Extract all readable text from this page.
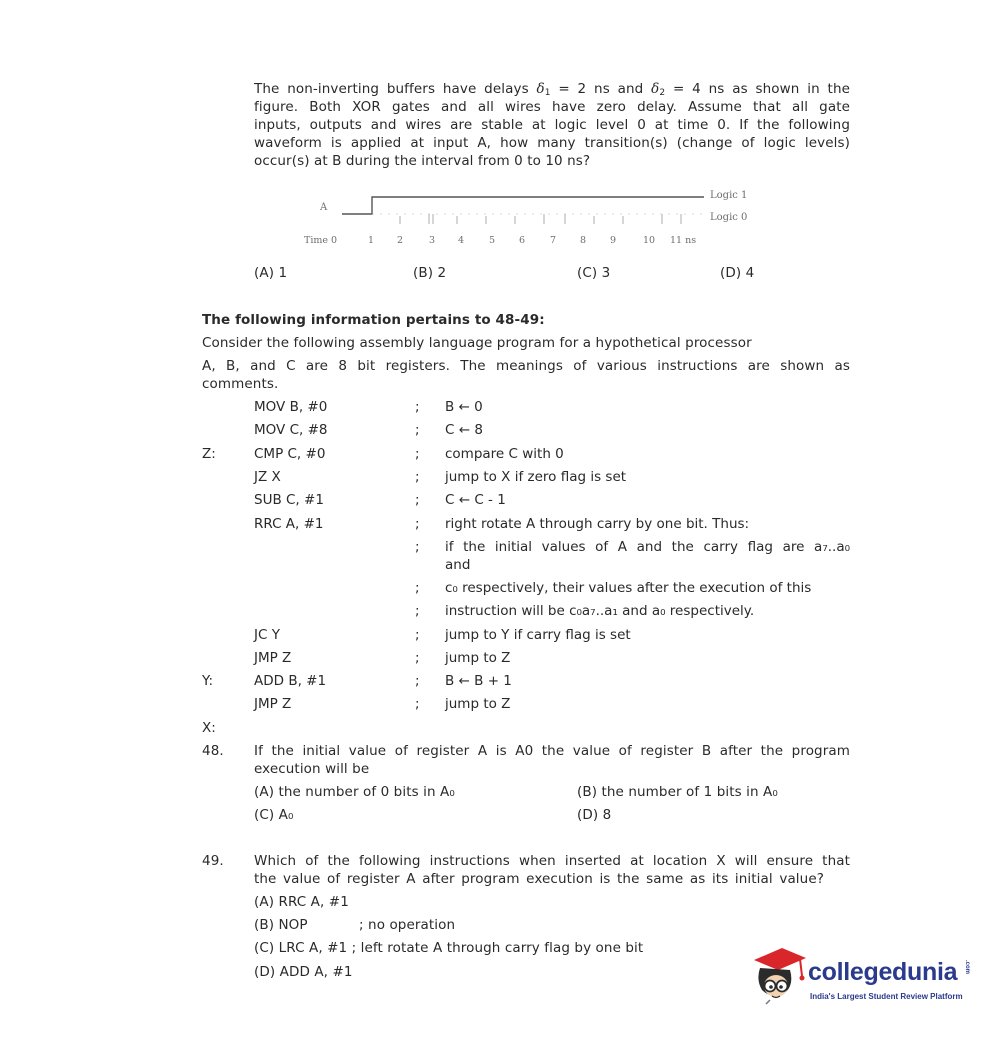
The non-inverting buffers have delays $\delta_1 = 2$ ns and $\delta_2 = 4$ ns as shown in the
figure. Both XOR gates and all wires have zero delay. Assume that all gate
inputs, outputs and wires are stable at logic level 0 at time 0. If the following
waveform is applied at input A, how many transition(s) (change of logic levels)
occur(s) at B during the interval from 0 to 10 ns?
A
Logic 1
Logic 0
Time 0	1 2	3 4	5	6	7	8	9	10 11 ns
(A) 1	(B) 2	(C) 3	(D) 4
The following information pertains to 48-49:
Consider the following assembly language program for a hypothetical processor
A, B, and C are 8 bit registers. The meanings of various instructions are shown as
comments.
MOV B, #0	; B ← 0
MOV C, #8	; C ← 8
Z:	CMP C, #0	; compare C with 0
JZ X	; jump to X if zero flag is set
SUB C, #1	; C ← C - 1
RRC A, #1	; right rotate A through carry by one bit. Thus:
; if the initial values of A and the carry flag are a₇..a₀
and
; c₀ respectively, their values after the execution of this
; instruction will be c₀a₇..a₁ and a₀ respectively.
JC Y	; jump to Y if carry flag is set
JMP Z	; jump to Z
Y:	ADD B, #1	; B ← B + 1
JMP Z	; jump to Z
X:
48. If the initial value of register A is A0 the value of register B after the program
execution will be
(A) the number of 0 bits in A₀	(B) the number of 1 bits in A₀
(C) A₀	(D) 8
49. Which of the following instructions when inserted at location X will ensure that
the value of register A after program execution is the same as its initial value?
(A) RRC A, #1
(B) NOP	; no operation
(C) LRC A, #1 ; left rotate A through carry flag by one bit
(D) ADD A, #1	collegedunia .com
India's Largest Student Review Platform
